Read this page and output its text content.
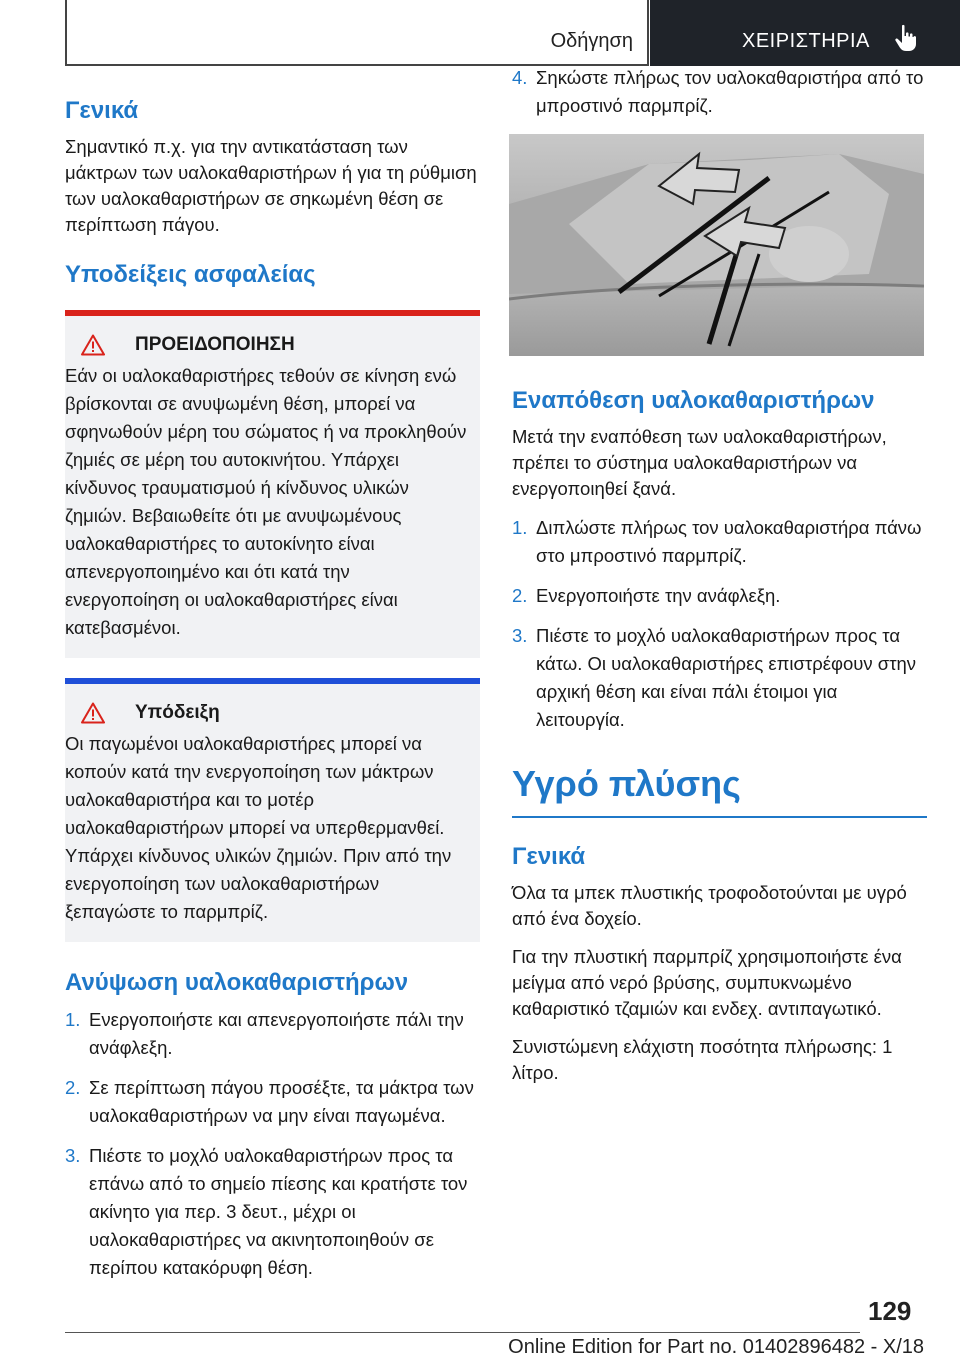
Οδήγηση	ΧΕΙΡΙΣΤΗΡΙΑ
Γενικά

Σημαντικό π.χ. για την αντικατάσταση των μάκτρων των υαλοκαθαριστήρων ή για τη ρύθμιση των υαλοκαθαριστήρων σε σηκωμένη θέση σε περίπτωση πάγου.

Υποδείξεις ασφαλείας
ΠΡΟΕΙΔΟΠΟΙΗΣΗ
Εάν οι υαλοκαθαριστήρες τεθούν σε κίνηση ενώ βρίσκονται σε ανυψωμένη θέση, μπορεί να σφηνωθούν μέρη του σώματος ή να προκληθούν ζημιές σε μέρη του αυτοκινήτου. Υπάρχει κίνδυνος τραυματισμού ή κίνδυνος υλικών ζημιών. Βεβαιωθείτε ότι με ανυψωμένους υαλοκαθαριστήρες το αυτοκίνητο είναι απενεργοποιημένο και ότι κατά την ενεργοποίηση οι υαλοκαθαριστήρες είναι κατεβασμένοι.
Υπόδειξη
Οι παγωμένοι υαλοκαθαριστήρες μπορεί να κοπούν κατά την ενεργοποίηση των μάκτρων υαλοκαθαριστήρα και το μοτέρ υαλοκαθαριστήρων μπορεί να υπερθερμανθεί. Υπάρχει κίνδυνος υλικών ζημιών. Πριν από την ενεργοποίηση των υαλοκαθαριστήρων ξεπαγώστε το παρμπρίζ.
Ανύψωση υαλοκαθαριστήρων
1. Ενεργοποιήστε και απενεργοποιήστε πάλι την ανάφλεξη.
2. Σε περίπτωση πάγου προσέξτε, τα μάκτρα των υαλοκαθαριστήρων να μην είναι παγωμένα.
3. Πιέστε το μοχλό υαλοκαθαριστήρων προς τα επάνω από το σημείο πίεσης και κρατήστε τον ακίνητο για περ. 3 δευτ., μέχρι οι υαλοκαθαριστήρες να ακινητοποιηθούν σε περίπου κατακόρυφη θέση.
4. Σηκώστε πλήρως τον υαλοκαθαριστήρα από το μπροστινό παρμπρίζ.
Εναπόθεση υαλοκαθαριστήρων

Μετά την εναπόθεση των υαλοκαθαριστήρων, πρέπει το σύστημα υαλοκαθαριστήρων να ενεργοποιηθεί ξανά.

1. Διπλώστε πλήρως τον υαλοκαθαριστήρα πάνω στο μπροστινό παρμπρίζ.
2. Ενεργοποιήστε την ανάφλεξη.
3. Πιέστε το μοχλό υαλοκαθαριστήρων προς τα κάτω. Οι υαλοκαθαριστήρες επιστρέφουν στην αρχική θέση και είναι πάλι έτοιμοι για λειτουργία.
Υγρό πλύσης
Γενικά

Όλα τα μπεκ πλυστικής τροφοδοτούνται με υγρό από ένα δοχείο.

Για την πλυστική παρμπρίζ χρησιμοποιήστε ένα μείγμα από νερό βρύσης, συμπυκνωμένο καθαριστικό τζαμιών και ενδεχ. αντιπαγωτικό.

Συνιστώμενη ελάχιστη ποσότητα πλήρωσης: 1 λίτρο.

129
Online Edition for Part no. 01402896482 - X/18
